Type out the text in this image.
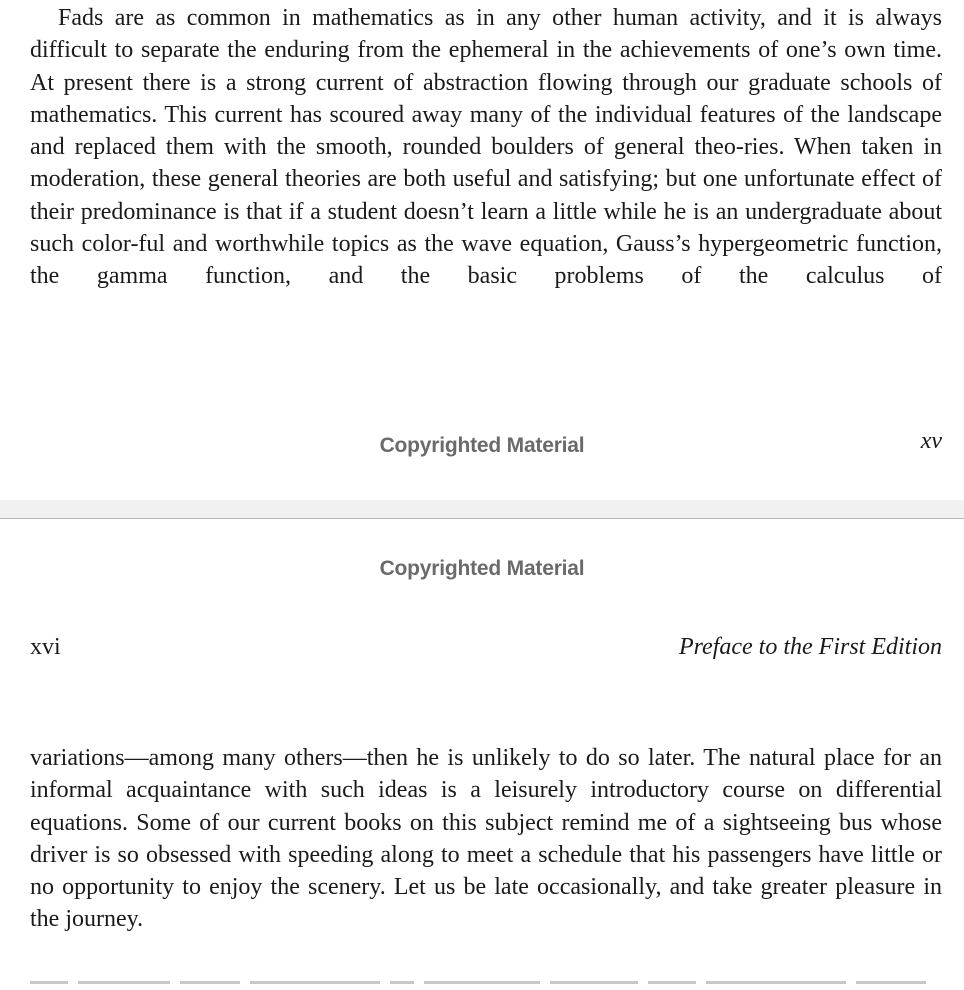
Fads are as common in mathematics as in any other human activity, and it is always difficult to separate the enduring from the ephemeral in the achievements of one’s own time. At present there is a strong current of abstraction flowing through our graduate schools of mathematics. This current has scoured away many of the individual features of the landscape and replaced them with the smooth, rounded boulders of general theo-ries. When taken in moderation, these general theories are both useful and satisfying; but one unfortunate effect of their predominance is that if a student doesn’t learn a little while he is an undergraduate about such color-ful and worthwhile topics as the wave equation, Gauss’s hypergeometric function, the gamma function, and the basic problems of the calculus of

Copyrighted Material	xv
Copyrighted Material
xvi	Preface to the First Edition

variations—among many others—then he is unlikely to do so later. The natural place for an informal acquaintance with such ideas is a leisurely introductory course on differential equations. Some of our current books on this subject remind me of a sightseeing bus whose driver is so obsessed with speeding along to meet a schedule that his passengers have little or no opportunity to enjoy the scenery. Let us be late occasionally, and take greater pleasure in the journey.
